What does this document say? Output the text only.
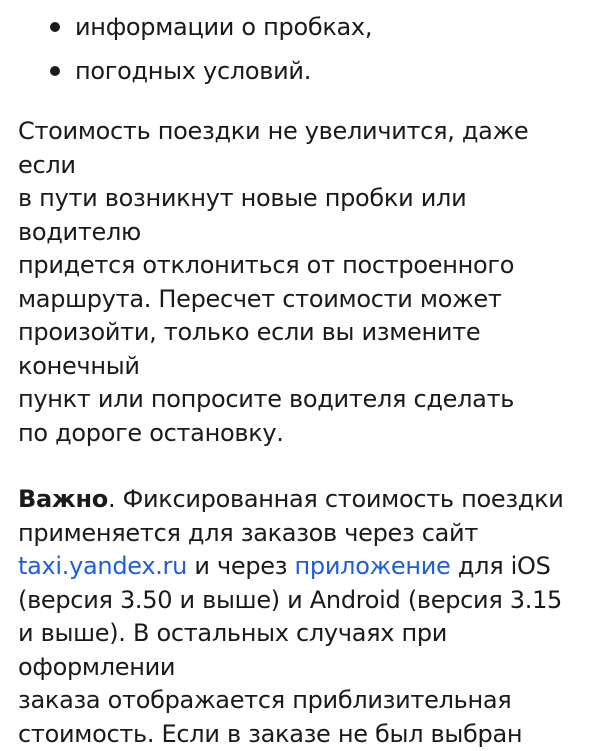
информации о пробках,
погодных условий.

Стоимость поездки не увеличится, даже если
в пути возникнут новые пробки или водителю
придется отклониться от построенного
маршрута. Пересчет стоимости может
произойти, только если вы измените конечный
пункт или попросите водителя сделать
по дороге остановку.

Важно. Фиксированная стоимость поездки
применяется для заказов через сайт
taxi.yandex.ru и через приложение для iOS
(версия 3.50 и выше) и Android (версия 3.15
и выше). В остальных случаях при оформлении
заказа отображается приблизительная
стоимость. Если в заказе не был выбран
